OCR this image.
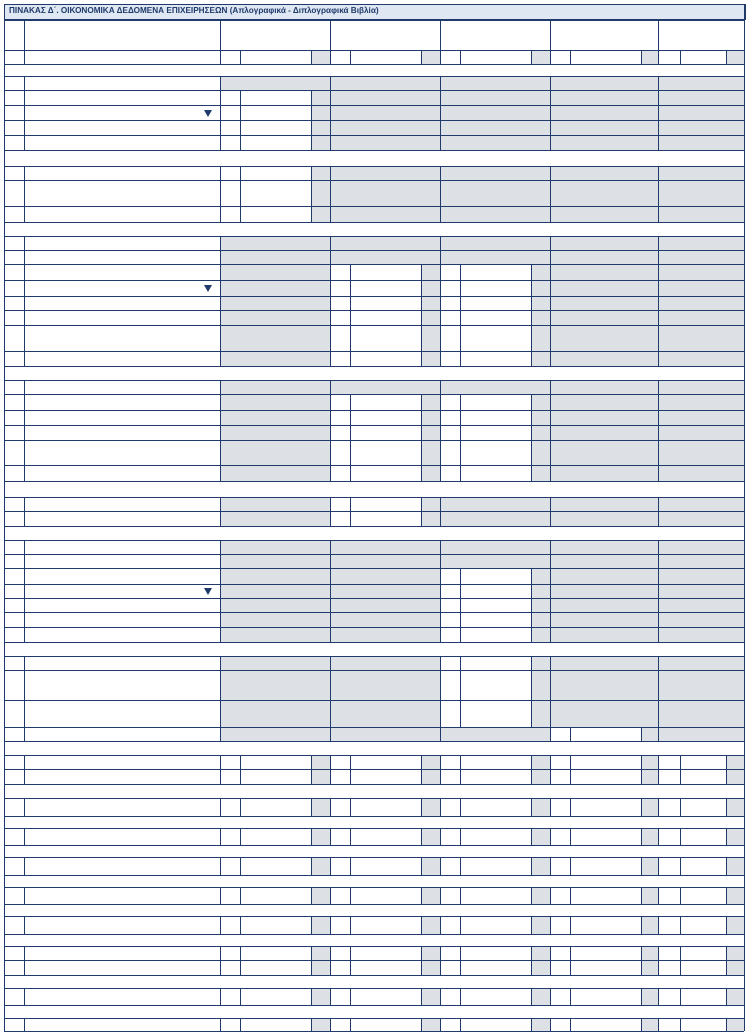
ΠΙΝΑΚΑΣ Δ΄. ΟΙΚΟΝΟΜΙΚΑ ΔΕΔΟΜΕΝΑ ΕΠΙΧΕΙΡΗΣΕΩΝ (Απλογραφικά - Διπλογραφικά Βιβλία)
